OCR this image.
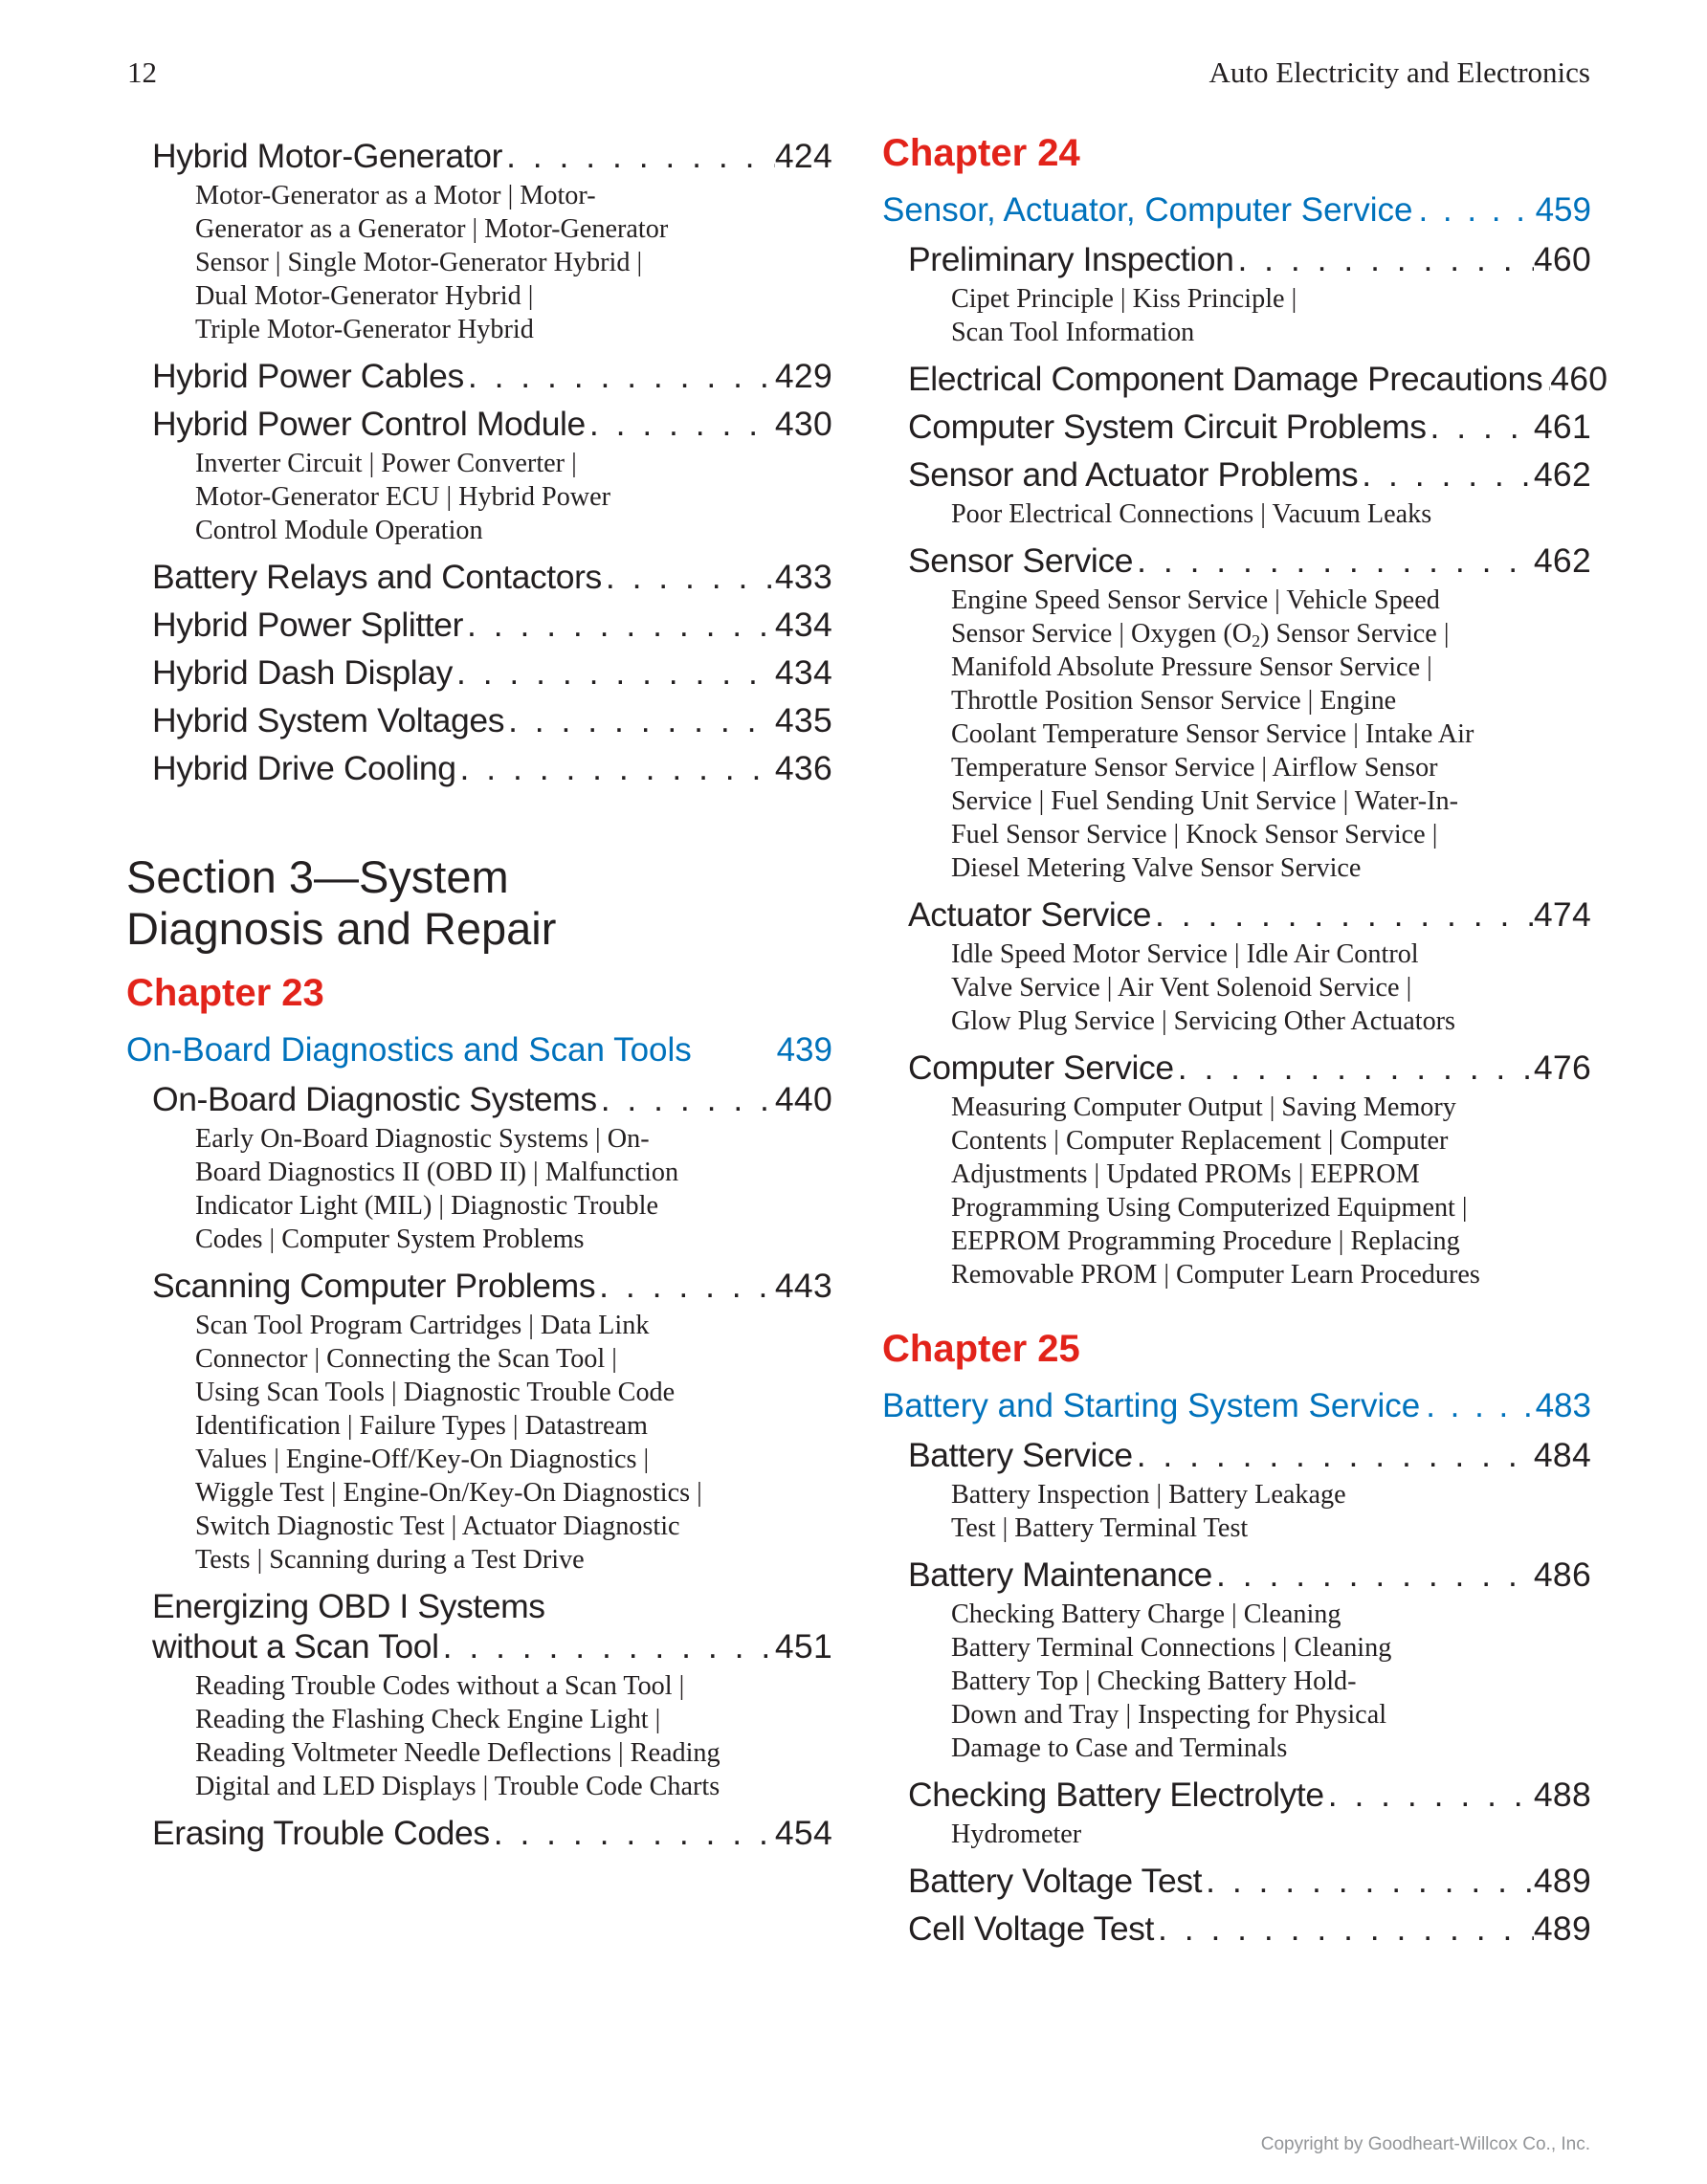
12	Auto Electricity and Electronics
Hybrid Motor-Generator . . .	424
Motor-Generator as a Motor | Motor-
Generator as a Generator | Motor-Generator
Sensor | Single Motor-Generator Hybrid |
Dual Motor-Generator Hybrid |
Triple Motor-Generator Hybrid
Hybrid Power Cables . . .	429
Hybrid Power Control Module . . .	430
Inverter Circuit | Power Converter |
Motor-Generator ECU | Hybrid Power
Control Module Operation
Battery Relays and Contactors . . .	433
Hybrid Power Splitter . . .	434
Hybrid Dash Display . . .	434
Hybrid System Voltages . . .	435
Hybrid Drive Cooling . . .	436
Section 3—System
Diagnosis and Repair
Chapter 23
On-Board Diagnostics and Scan Tools	439
On-Board Diagnostic Systems . . .	440
Early On-Board Diagnostic Systems | On-
Board Diagnostics II (OBD II) | Malfunction
Indicator Light (MIL) | Diagnostic Trouble
Codes | Computer System Problems
Scanning Computer Problems . . .	443
Scan Tool Program Cartridges | Data Link
Connector | Connecting the Scan Tool |
Using Scan Tools | Diagnostic Trouble Code
Identification | Failure Types | Datastream
Values | Engine-Off/Key-On Diagnostics |
Wiggle Test | Engine-On/Key-On Diagnostics |
Switch Diagnostic Test | Actuator Diagnostic
Tests | Scanning during a Test Drive
Energizing OBD I Systems
without a Scan Tool . . .	451
Reading Trouble Codes without a Scan Tool |
Reading the Flashing Check Engine Light |
Reading Voltmeter Needle Deflections | Reading
Digital and LED Displays | Trouble Code Charts
Erasing Trouble Codes . . .	454
Chapter 24
Sensor, Actuator, Computer Service . . .	459
Preliminary Inspection . . .	460
Cipet Principle | Kiss Principle |
Scan Tool Information
Electrical Component Damage Precautions . . . 460
Computer System Circuit Problems . . .	461
Sensor and Actuator Problems . . .	462
Poor Electrical Connections | Vacuum Leaks
Sensor Service . . .	462
Engine Speed Sensor Service | Vehicle Speed
Sensor Service | Oxygen $(O_2)$ Sensor Service |
Manifold Absolute Pressure Sensor Service |
Throttle Position Sensor Service | Engine
Coolant Temperature Sensor Service | Intake Air
Temperature Sensor Service | Airflow Sensor
Service | Fuel Sending Unit Service | Water-In-
Fuel Sensor Service | Knock Sensor Service |
Diesel Metering Valve Sensor Service
Actuator Service . . .	474
Idle Speed Motor Service | Idle Air Control
Valve Service | Air Vent Solenoid Service |
Glow Plug Service | Servicing Other Actuators
Computer Service . . .	476
Measuring Computer Output | Saving Memory
Contents | Computer Replacement | Computer
Adjustments | Updated PROMs | EEPROM
Programming Using Computerized Equipment |
EEPROM Programming Procedure | Replacing
Removable PROM | Computer Learn Procedures
Chapter 25
Battery and Starting System Service . . .	483
Battery Service . . .	484
Battery Inspection | Battery Leakage
Test | Battery Terminal Test
Battery Maintenance . . .	486
Checking Battery Charge | Cleaning
Battery Terminal Connections | Cleaning
Battery Top | Checking Battery Hold-
Down and Tray | Inspecting for Physical
Damage to Case and Terminals
Checking Battery Electrolyte . . .	488
Hydrometer
Battery Voltage Test . . .	489
Cell Voltage Test . . .	489
Copyright by Goodheart-Willcox Co., Inc.
